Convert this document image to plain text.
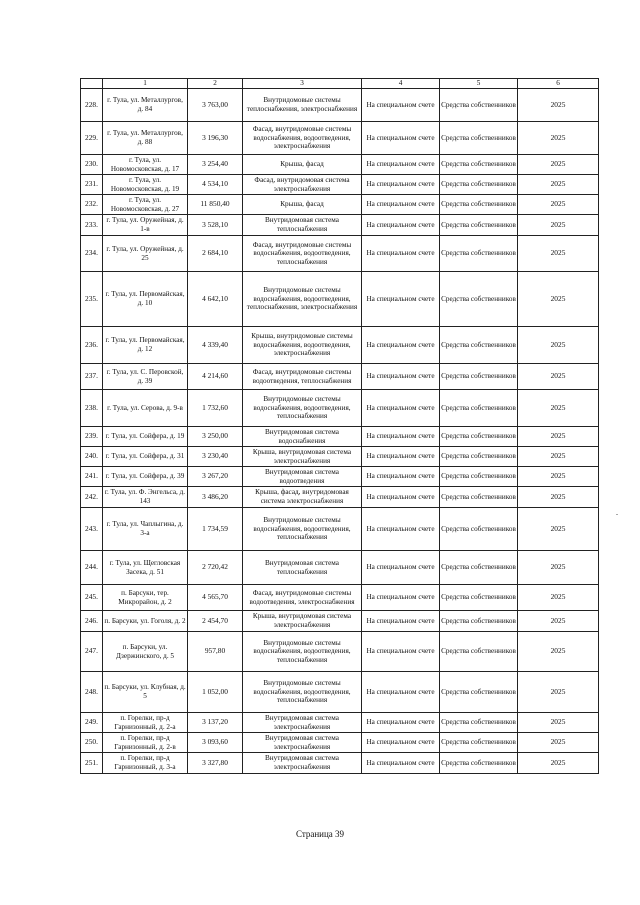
	1	2	3	4	5	6
228.	г. Тула, ул. Металлургов, д. 84	3 763,00	Внутридомовые системы теплоснабжения, электроснабжения	На специальном счете	Средства собственников	2025
229.	г. Тула, ул. Металлургов, д. 88	3 196,30	Фасад, внутридомовые системы водоснабжения, водоотведения, электроснабжения	На специальном счете	Средства собственников	2025
230.	г. Тула, ул. Новомосковская, д. 17	3 254,40	Крыша, фасад	На специальном счете	Средства собственников	2025
231.	г. Тула, ул. Новомосковская, д. 19	4 534,10	Фасад, внутридомовая система электроснабжения	На специальном счете	Средства собственников	2025
232.	г. Тула, ул. Новомосковская, д. 27	11 850,40	Крыша, фасад	На специальном счете	Средства собственников	2025
233.	г. Тула, ул. Оружейная, д. 1-в	3 528,10	Внутридомовая система теплоснабжения	На специальном счете	Средства собственников	2025
234.	г. Тула, ул. Оружейная, д. 25	2 684,10	Фасад, внутридомовые системы водоснабжения, водоотведения, теплоснабжения	На специальном счете	Средства собственников	2025
235.	г. Тула, ул. Первомайская, д. 10	4 642,10	Внутридомовые системы водоснабжения, водоотведения, теплоснабжения, электроснабжения	На специальном счете	Средства собственников	2025
236.	г. Тула, ул. Первомайская, д. 12	4 339,40	Крыша, внутридомовые системы водоснабжения, водоотведения, электроснабжения	На специальном счете	Средства собственников	2025
237.	г. Тула, ул. С. Перовской, д. 39	4 214,60	Фасад, внутридомовые системы водоотведения, теплоснабжения	На специальном счете	Средства собственников	2025
238.	г. Тула, ул. Серова, д. 9-в	1 732,60	Внутридомовые системы водоснабжения, водоотведения, теплоснабжения	На специальном счете	Средства собственников	2025
239.	г. Тула, ул. Сойфера, д. 19	3 250,00	Внутридомовая система водоснабжения	На специальном счете	Средства собственников	2025
240.	г. Тула, ул. Сойфера, д. 31	3 230,40	Крыша, внутридомовая система электроснабжения	На специальном счете	Средства собственников	2025
241.	г. Тула, ул. Сойфера, д. 39	3 267,20	Внутридомовая система водоотведения	На специальном счете	Средства собственников	2025
242.	г. Тула, ул. Ф. Энгельса, д. 143	3 486,20	Крыша, фасад, внутридомовая система электроснабжения	На специальном счете	Средства собственников	2025
243.	г. Тула, ул. Чаплыгина, д. 3-а	1 734,59	Внутридомовые системы водоснабжения, водоотведения, теплоснабжения	На специальном счете	Средства собственников	2025
244.	г. Тула, ул. Щегловская Засека, д. 51	2 720,42	Внутридомовая система теплоснабжения	На специальном счете	Средства собственников	2025
245.	п. Барсуки, тер. Микрорайон, д. 2	4 565,70	Фасад, внутридомовые системы водоотведения, электроснабжения	На специальном счете	Средства собственников	2025
246.	п. Барсуки, ул. Гоголя, д. 2	2 454,70	Крыша, внутридомовая система электроснабжения	На специальном счете	Средства собственников	2025
247.	п. Барсуки, ул. Дзержинского, д. 5	957,80	Внутридомовые системы водоснабжения, водоотведения, теплоснабжения	На специальном счете	Средства собственников	2025
248.	п. Барсуки, ул. Клубная, д. 5	1 052,00	Внутридомовые системы водоснабжения, водоотведения, теплоснабжения	На специальном счете	Средства собственников	2025
249.	п. Горелки, пр-д Гарнизонный, д. 2-а	3 137,20	Внутридомовая система электроснабжения	На специальном счете	Средства собственников	2025
250.	п. Горелки, пр-д Гарнизонный, д. 2-в	3 093,60	Внутридомовая система электроснабжения	На специальном счете	Средства собственников	2025
251.	п. Горелки, пр-д Гарнизонный, д. 3-а	3 327,80	Внутридомовая система электроснабжения	На специальном счете	Средства собственников	2025
.
Страница 39
